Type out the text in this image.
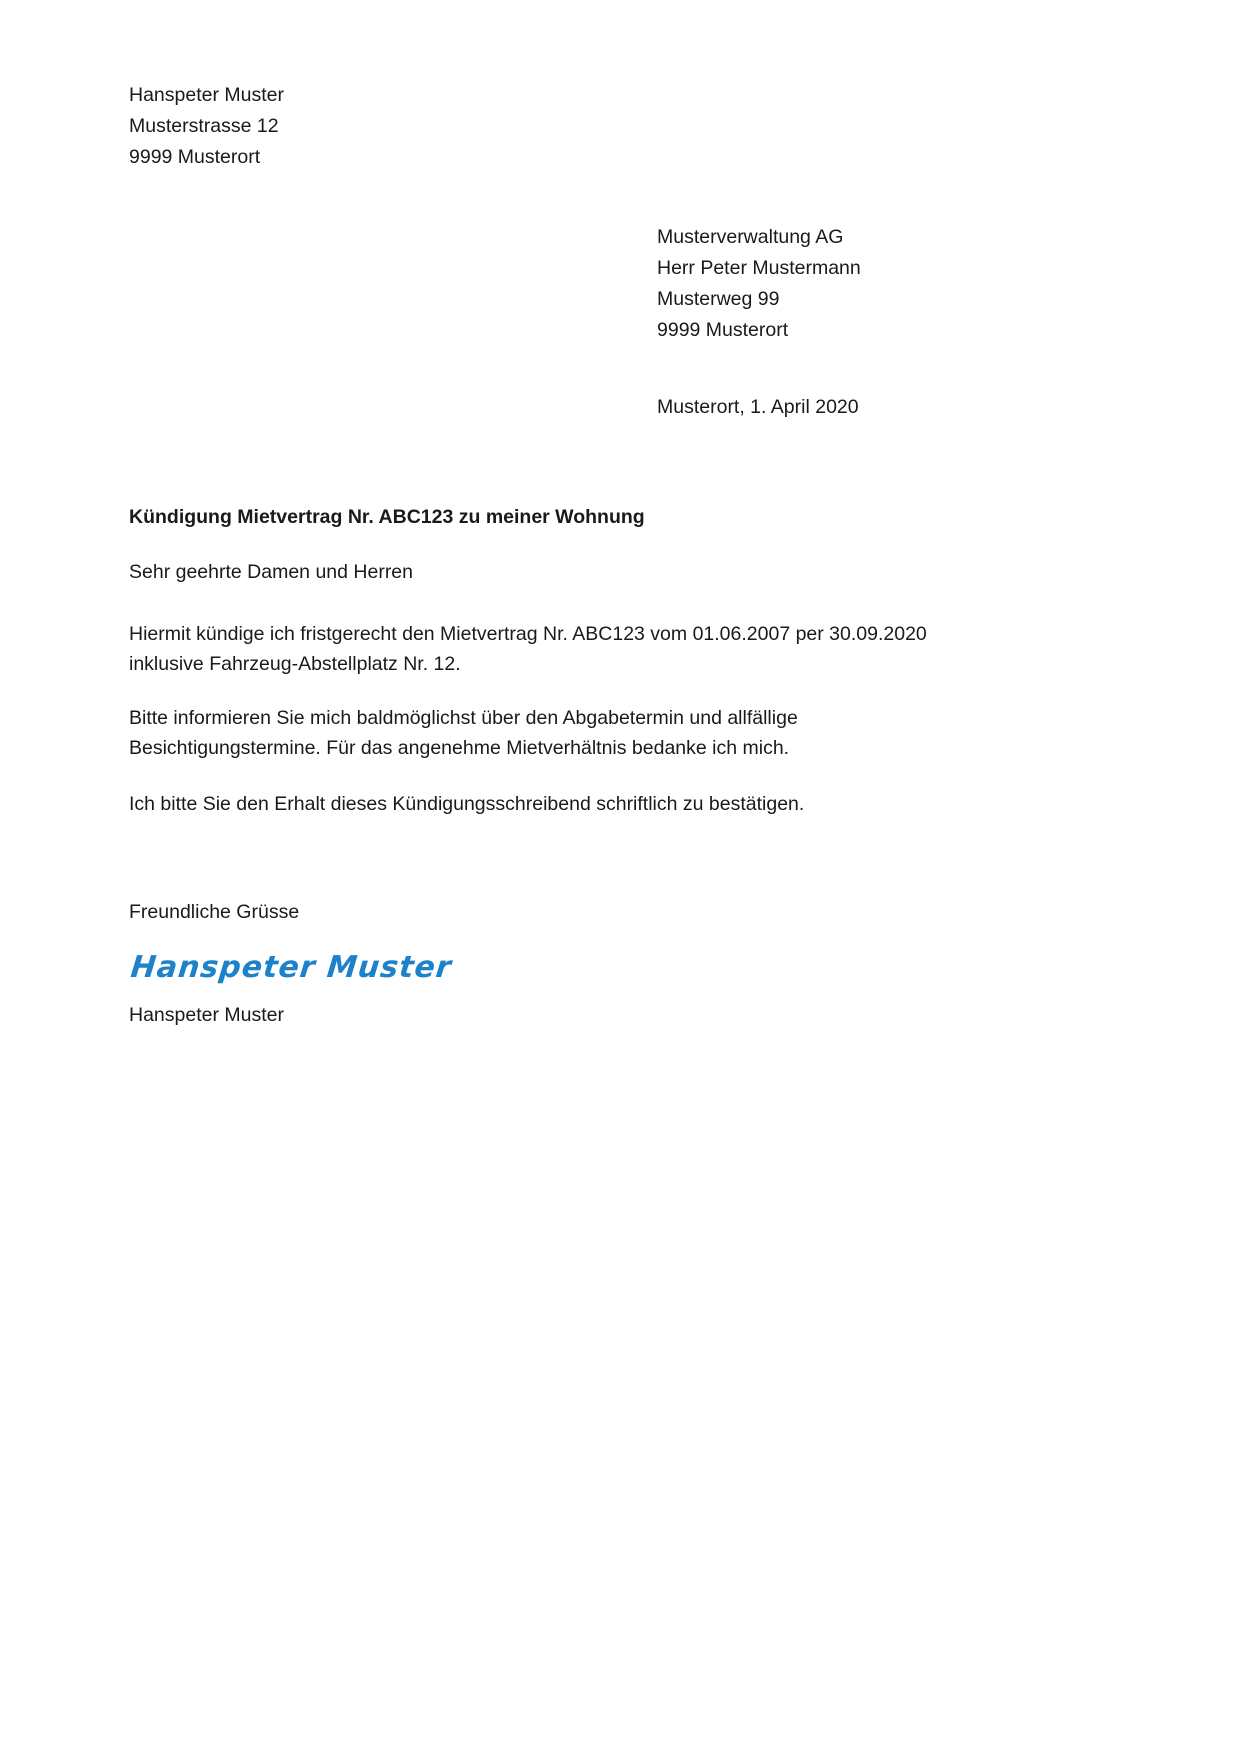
Hanspeter Muster
Musterstrasse 12
9999 Musterort
Musterverwaltung AG
Herr Peter Mustermann
Musterweg 99
9999 Musterort
Musterort, 1. April 2020
Kündigung Mietvertrag Nr. ABC123 zu meiner Wohnung
Sehr geehrte Damen und Herren
Hiermit kündige ich fristgerecht den Mietvertrag Nr. ABC123 vom 01.06.2007 per 30.09.2020 inklusive Fahrzeug-Abstellplatz Nr. 12.
Bitte informieren Sie mich baldmöglichst über den Abgabetermin und allfällige Besichtigungstermine. Für das angenehme Mietverhältnis bedanke ich mich.
Ich bitte Sie den Erhalt dieses Kündigungsschreibend schriftlich zu bestätigen.
Freundliche Grüsse
Hanspeter Muster
Hanspeter Muster
